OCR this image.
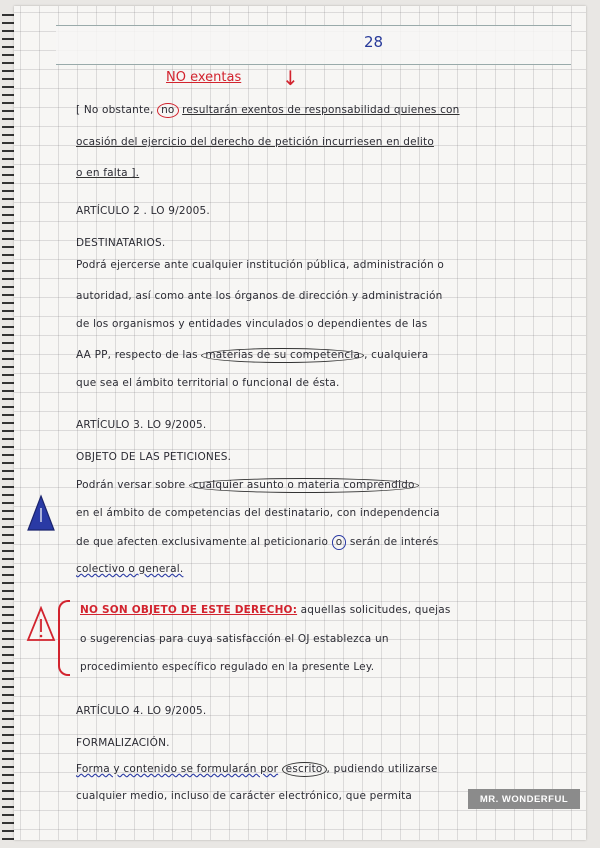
28
NO exentas ↓
[ No obstante, no resultarán exentos de responsabilidad quienes con
ocasión del ejercicio del derecho de petición incurriesen en delito
o en falta ].
ARTÍCULO 2 . LO 9/2005.
DESTINATARIOS.
Podrá ejercerse ante cualquier institución pública, administración o
autoridad, así como ante los órganos de dirección y administración
de los organismos y entidades vinculados o dependientes de las
AA PP, respecto de las materias de su competencia , cualquiera
que sea el ámbito territorial o funcional de ésta.
ARTÍCULO 3. LO 9/2005.
OBJETO DE LAS PETICIONES.
Podrán versar sobre cualquier asunto o materia comprendido
en el ámbito de competencias del destinatario, con independencia
de que afecten exclusivamente al peticionario o serán de interés
colectivo o general.
NO SON OBJETO DE ESTE DERECHO: aquellas solicitudes, quejas
o sugerencias para cuya satisfacción el OJ establezca un
procedimiento específico regulado en la presente Ley.
ARTÍCULO 4. LO 9/2005.
FORMALIZACIÓN.
Forma y contenido se formularán por escrito , pudiendo utilizarse
cualquier medio, incluso de carácter electrónico, que permita	MR. WONDERFUL
